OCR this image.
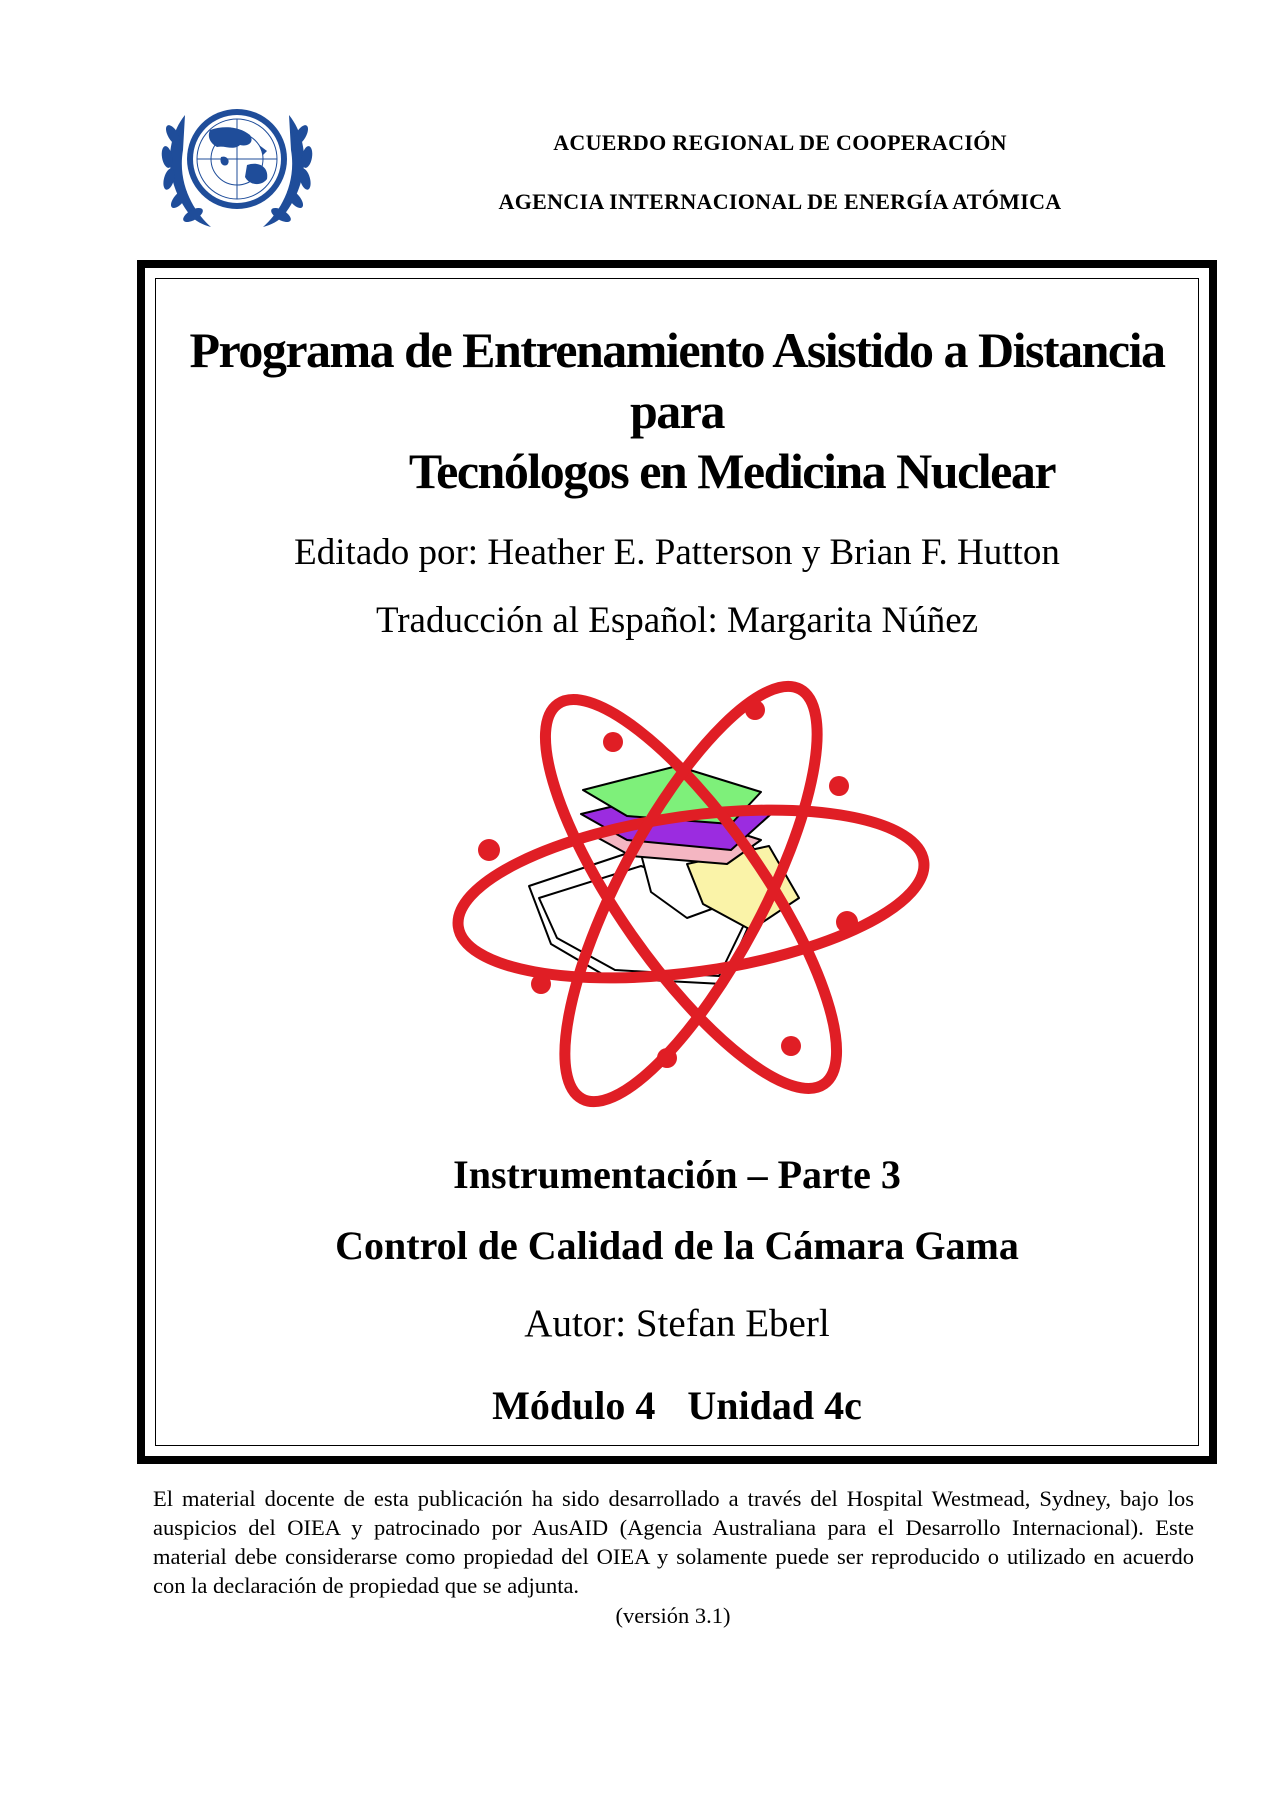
ACUERDO REGIONAL DE COOPERACIÓN
AGENCIA INTERNACIONAL DE ENERGÍA ATÓMICA
Programa de Entrenamiento Asistido a Distancia
para
Tecnólogos en Medicina Nuclear
Editado por: Heather E. Patterson y Brian F. Hutton
Traducción al Español: Margarita Núñez
Instrumentación – Parte 3
Control de Calidad de la Cámara Gama
Autor: Stefan Eberl
Módulo 4 Unidad 4c
El material docente de esta publicación ha sido desarrollado a través del Hospital Westmead, Sydney, bajo los auspicios del OIEA y patrocinado por AusAID (Agencia Australiana para el Desarrollo Internacional). Este material debe considerarse como propiedad del OIEA y solamente puede ser reproducido o utilizado en acuerdo con la declaración de propiedad que se adjunta.
(versión 3.1)
